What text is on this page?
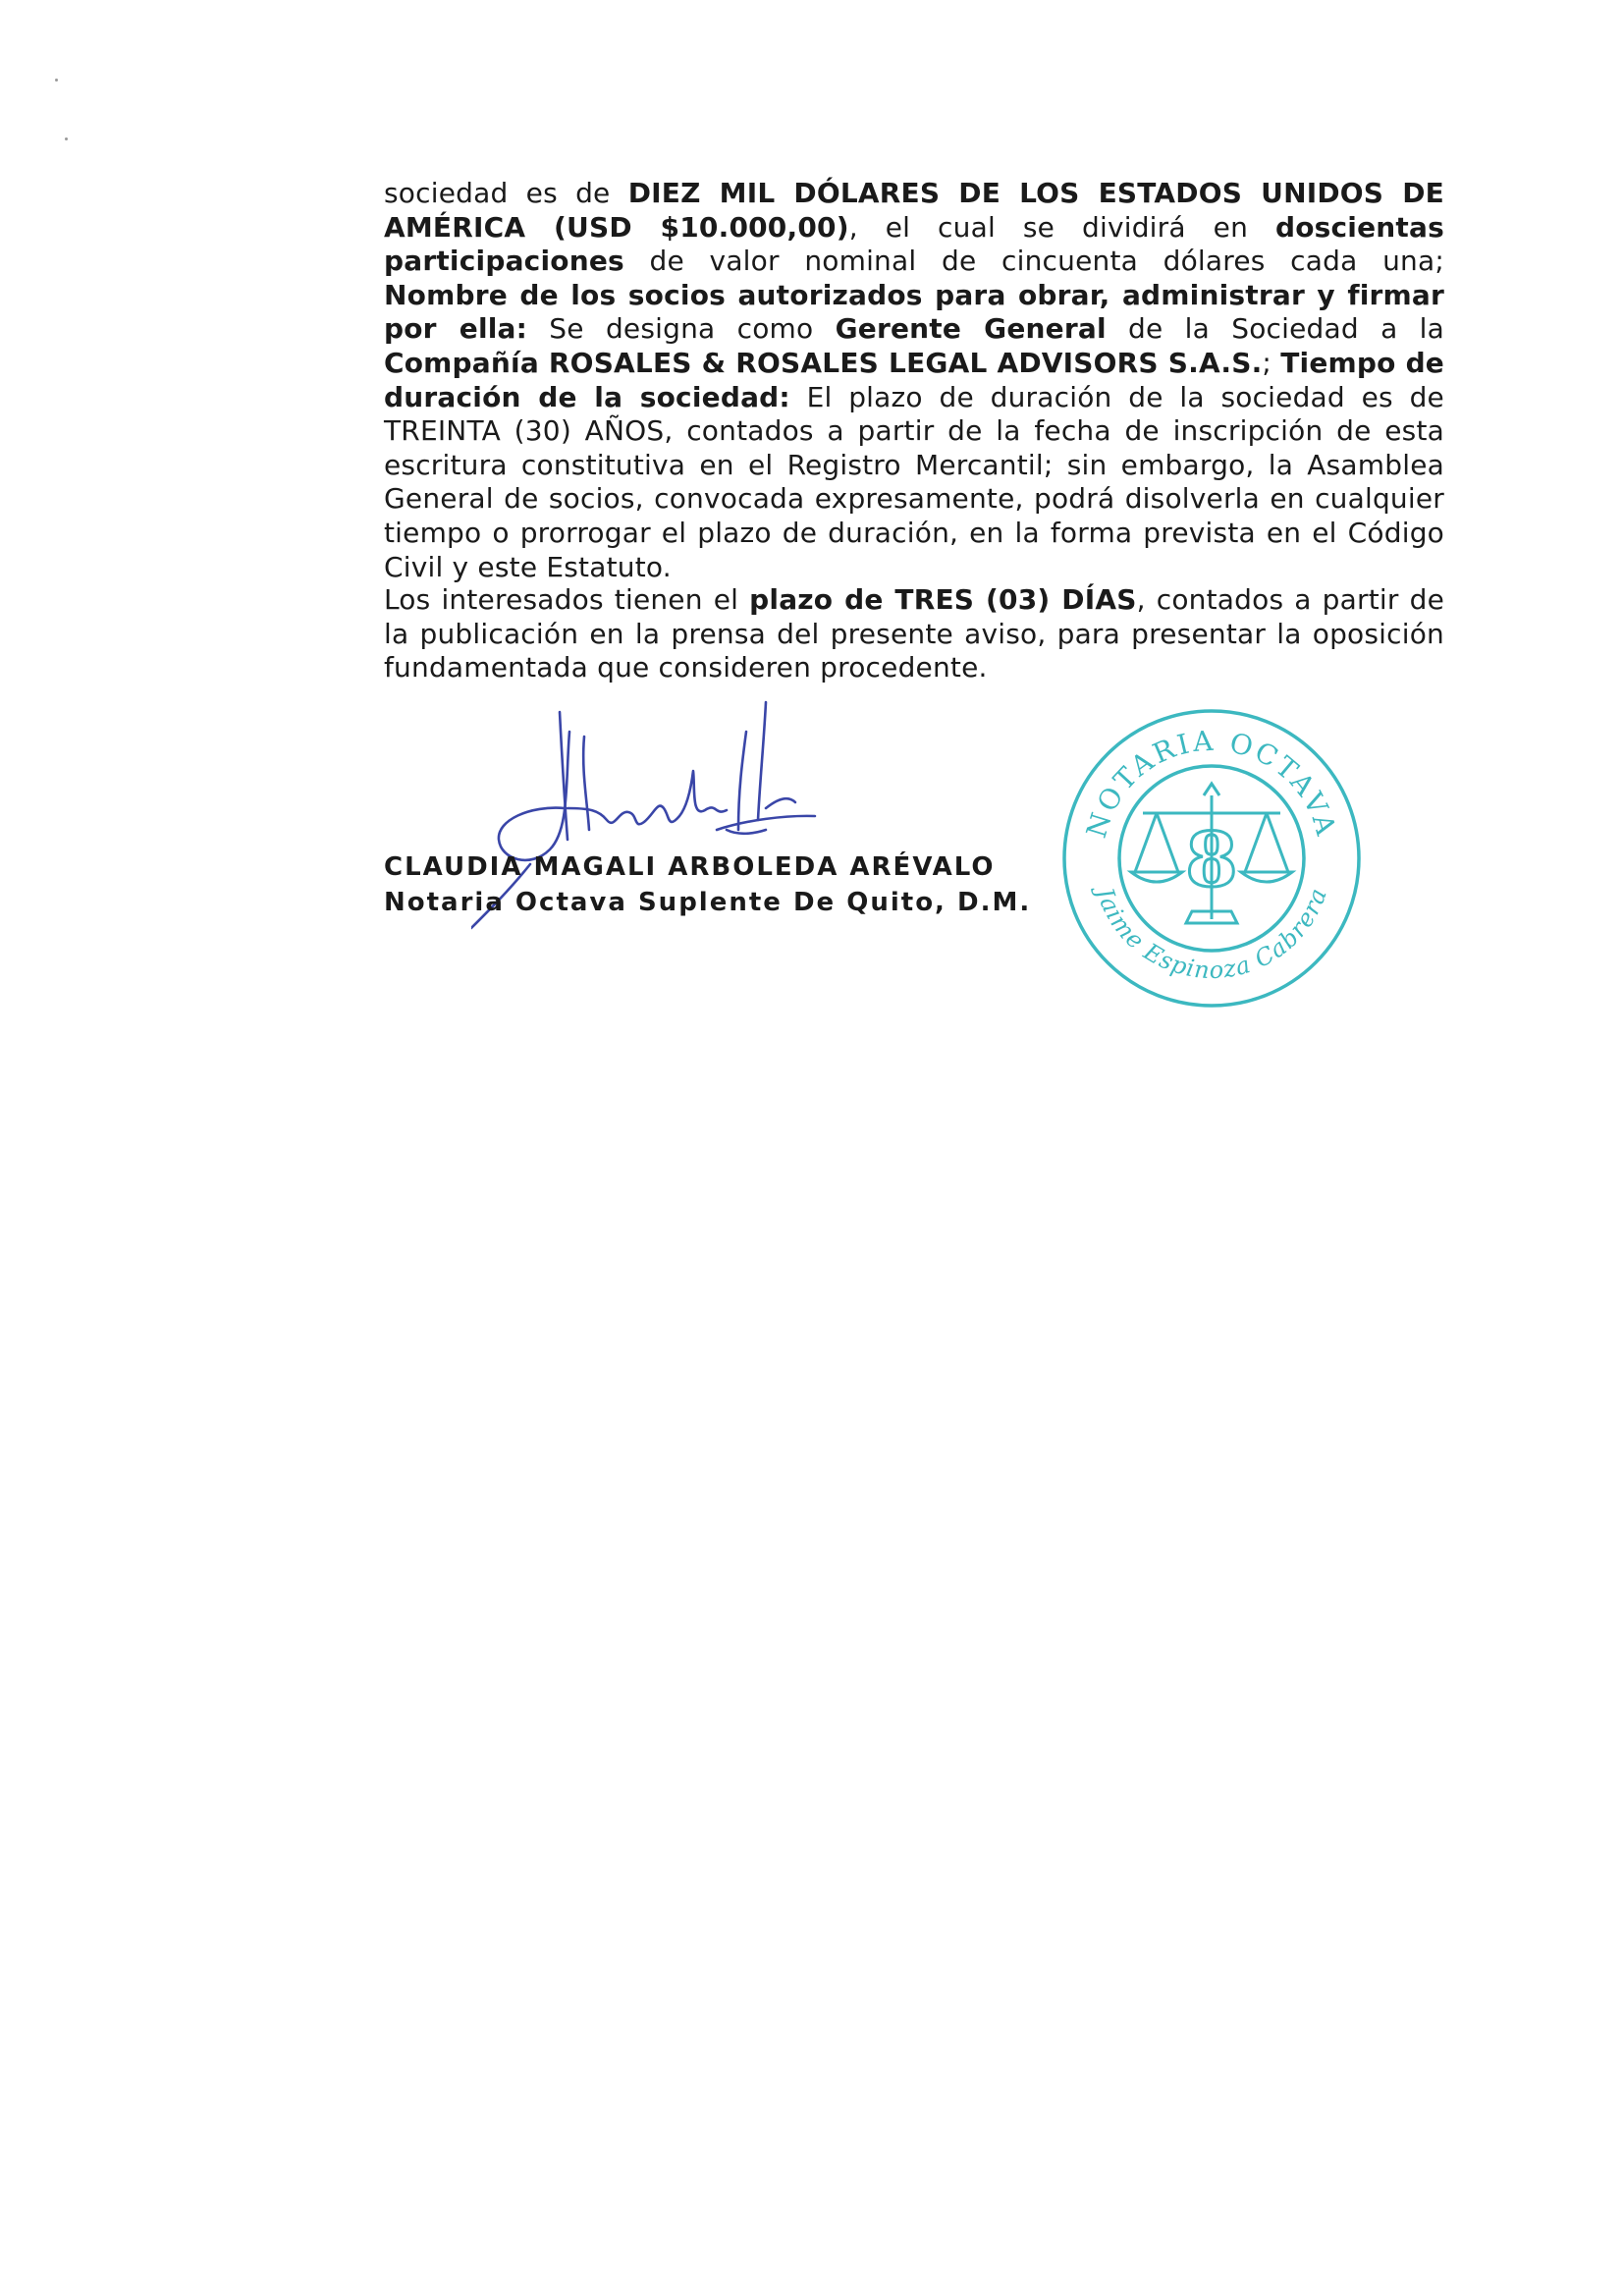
sociedad es de DIEZ MIL DÓLARES DE LOS ESTADOS UNIDOS DE AMÉRICA (USD $10.000,00), el cual se dividirá en doscientas participaciones de valor nominal de cincuenta dólares cada una; Nombre de los socios autorizados para obrar, administrar y firmar por ella: Se designa como Gerente General de la Sociedad a la Compañía ROSALES & ROSALES LEGAL ADVISORS S.A.S.; Tiempo de duración de la sociedad: El plazo de duración de la sociedad es de TREINTA (30) AÑOS, contados a partir de la fecha de inscripción de esta escritura constitutiva en el Registro Mercantil; sin embargo, la Asamblea General de socios, convocada expresamente, podrá disolverla en cualquier tiempo o prorrogar el plazo de duración, en la forma prevista en el Código Civil y este Estatuto.
Los interesados tienen el plazo de TRES (03) DÍAS, contados a partir de la publicación en la prensa del presente aviso, para presentar la oposición fundamentada que consideren procedente.
CLAUDIA MAGALI ARBOLEDA ARÉVALO
Notaria Octava Suplente De Quito, D.M.
NOTARIA OCTAVA
Jaime Espinoza Cabrera
8
